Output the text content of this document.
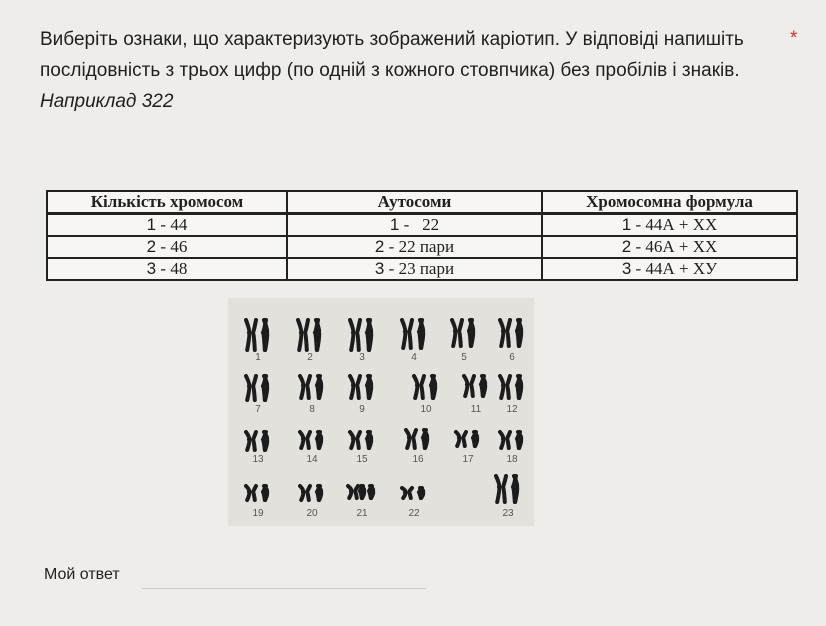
Виберіть ознаки, що характеризують зображений каріотип. У відповіді напишіть послідовність з трьох цифр (по одній з кожного стовпчика) без пробілів і знаків.
Наприклад 322
*
Кількість хромосом	Аутосоми	Хромосомна формула
1 - 44	1 -   22	1 - 44А + ХХ
2 - 46	2 - 22 пари	2 - 46А + ХХ
3 - 48	3 - 23 пари	3 - 44А + ХУ
1	2	3	4	5	6
7	8	9	10	11	12
13	14	15	16	17	18
19	20	21	22	23
Мой ответ
